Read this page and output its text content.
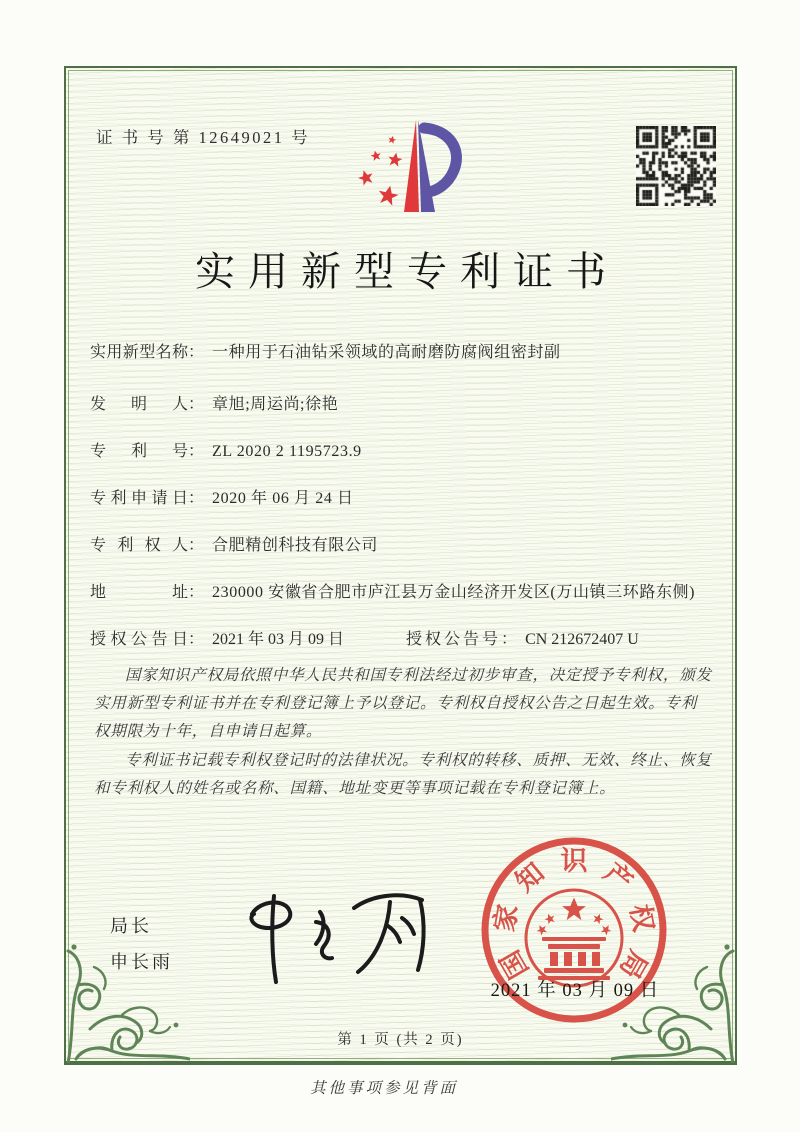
证 书 号 第 12649021 号
实用新型专利证书
实用新型名称 ： 一种用于石油钻采领域的高耐磨防腐阀组密封副
发明人 ： 章旭;周运尚;徐艳
专利号 ： ZL 2020 2 1195723.9
专利申请日 ： 2020 年 06 月 24 日
专利权人 ： 合肥精创科技有限公司
地址 ： 230000 安徽省合肥市庐江县万金山经济开发区(万山镇三环路东侧)
授权公告日 ： 2021 年 03 月 09 日	授权公告号 ： CN 212672407 U

国家知识产权局依照中华人民共和国专利法经过初步审查，决定授予专利权，颁发实用新型专利证书并在专利登记簿上予以登记。专利权自授权公告之日起生效。专利权期限为十年，自申请日起算。

专利证书记载专利权登记时的法律状况。专利权的转移、质押、无效、终止、恢复和专利权人的姓名或名称、国籍、地址变更等事项记载在专利登记簿上。

局长
申长雨	国
家
知 识 产
权
局
2021 年 03 月 09 日
第 1 页 (共 2 页)
其他事项参见背面
